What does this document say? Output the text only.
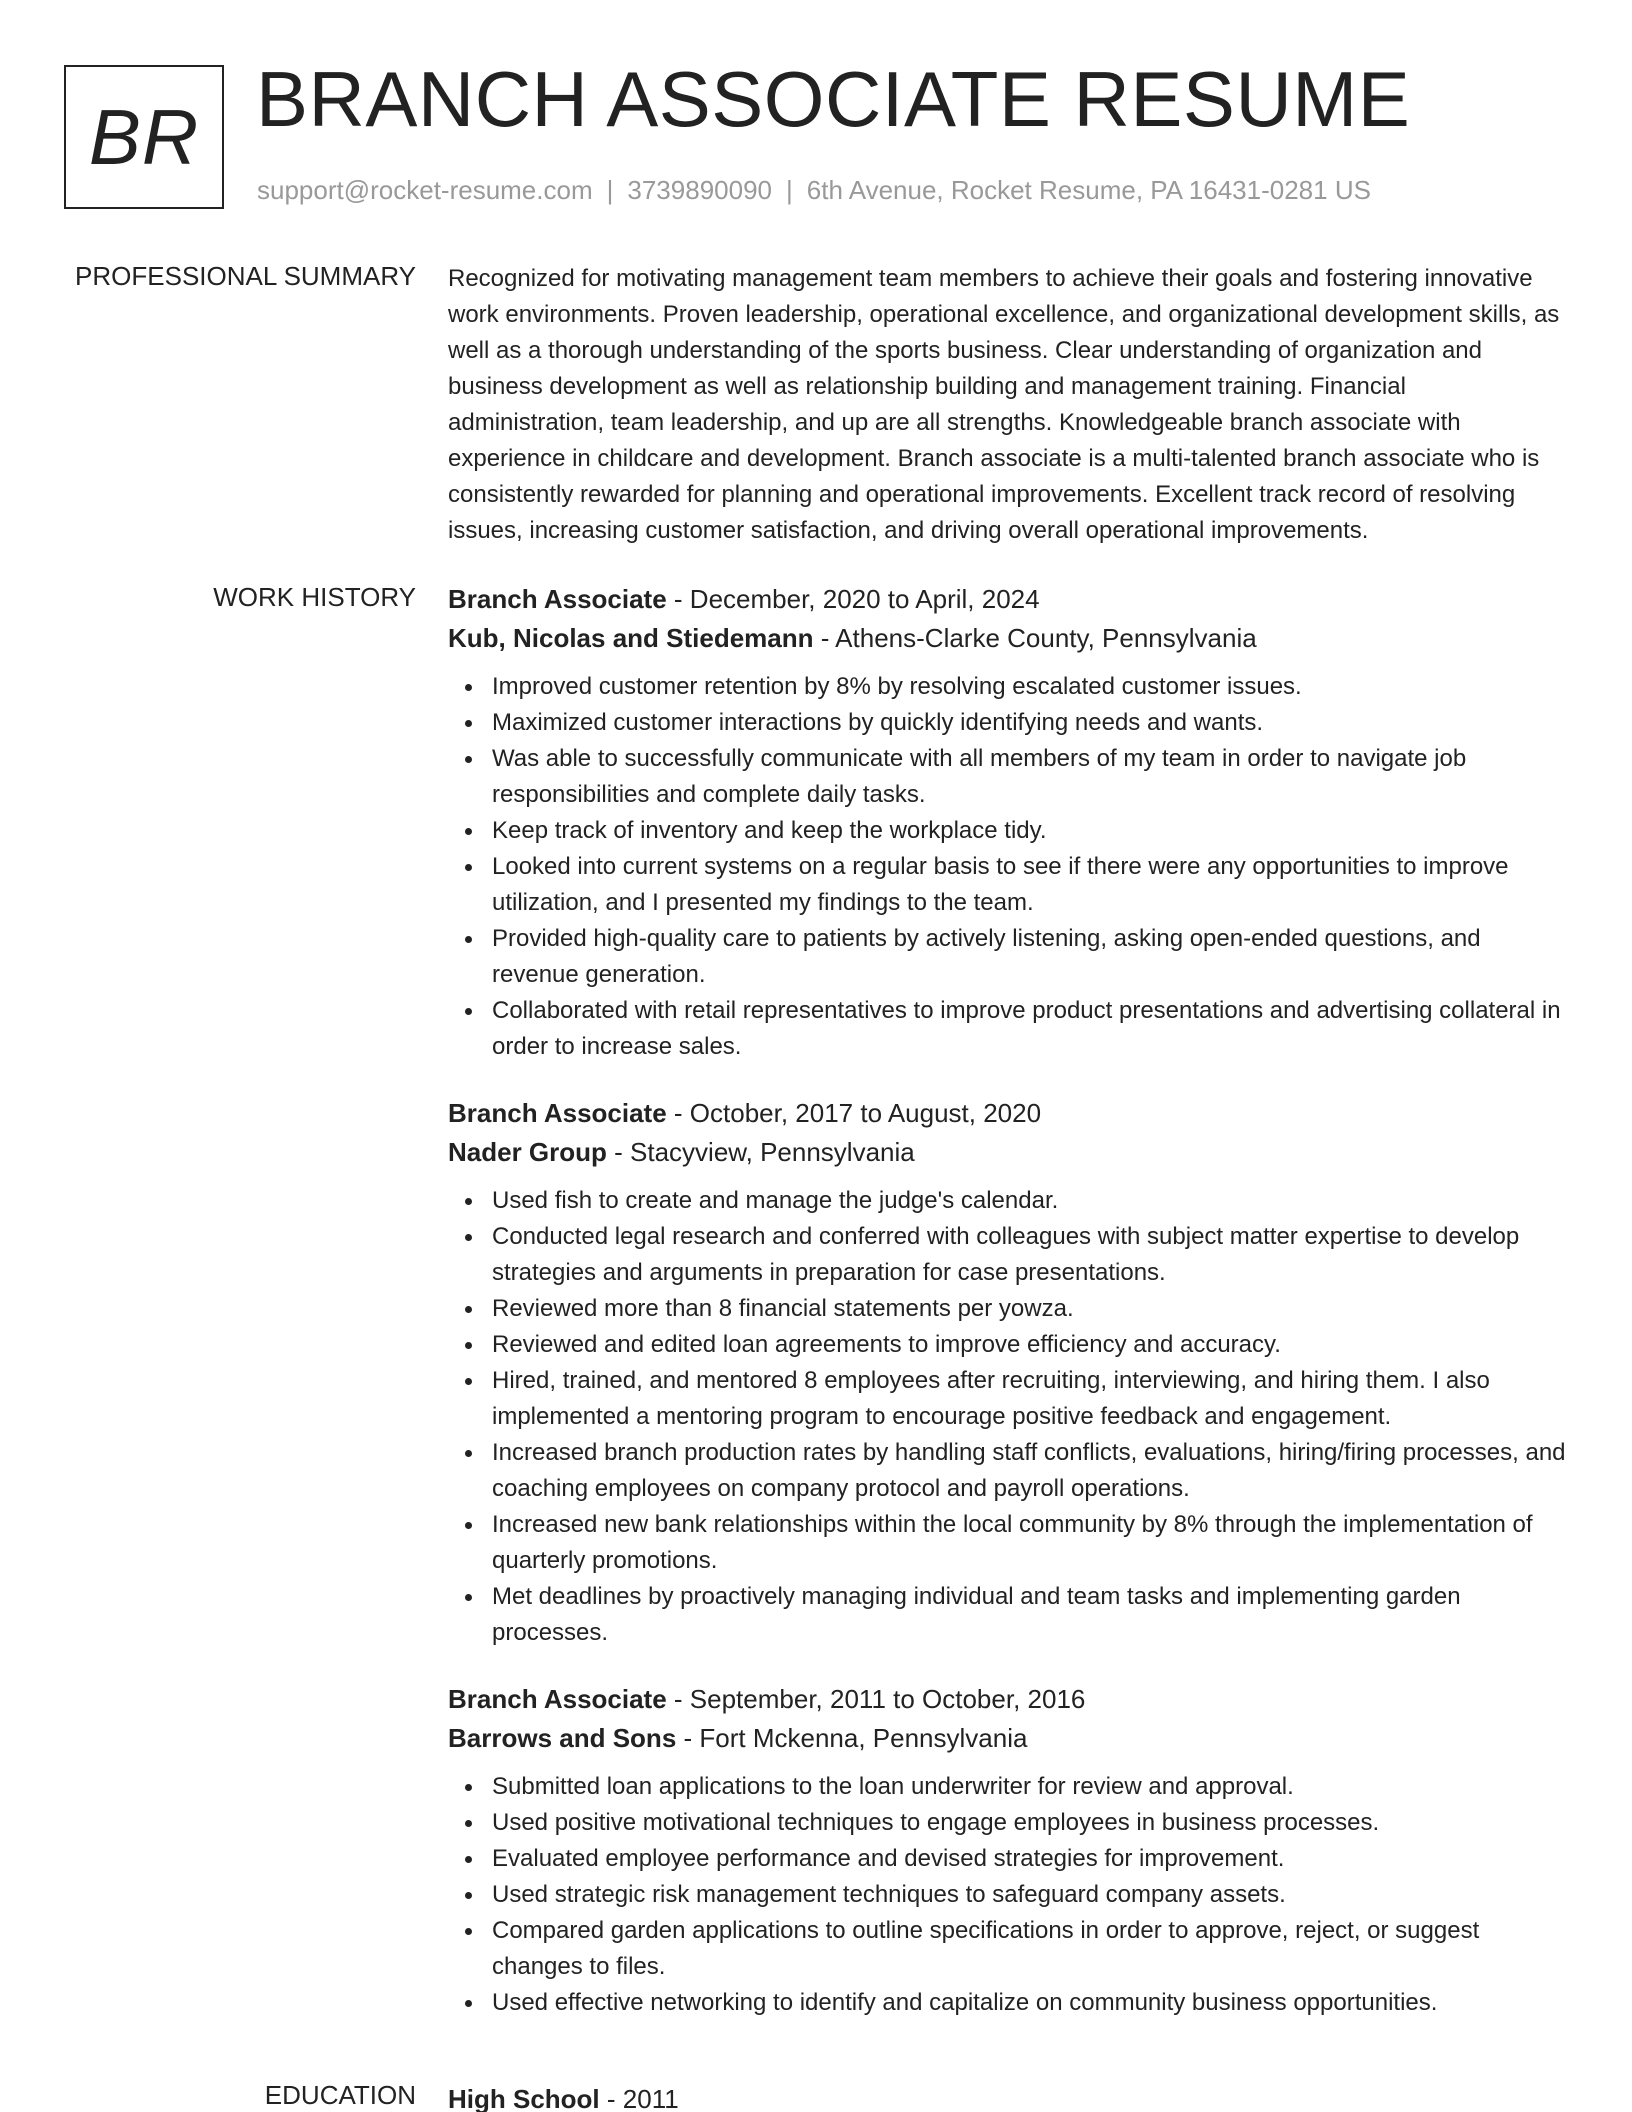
BR BRANCH ASSOCIATE RESUME
support@rocket-resume.com | 3739890090 | 6th Avenue, Rocket Resume, PA 16431-0281 US
PROFESSIONAL SUMMARY Recognized for motivating management team members to achieve their goals and fostering innovative work environments. Proven leadership, operational excellence, and organizational development skills, as well as a thorough understanding of the sports business. Clear understanding of organization and business development as well as relationship building and management training. Financial administration, team leadership, and up are all strengths. Knowledgeable branch associate with experience in childcare and development. Branch associate is a multi-talented branch associate who is consistently rewarded for planning and operational improvements. Excellent track record of resolving issues, increasing customer satisfaction, and driving overall operational improvements.

WORK HISTORY Branch Associate - December, 2020 to April, 2024
Kub, Nicolas and Stiedemann - Athens-Clarke County, Pennsylvania
Improved customer retention by 8% by resolving escalated customer issues.
Maximized customer interactions by quickly identifying needs and wants.
Was able to successfully communicate with all members of my team in order to navigate job responsibilities and complete daily tasks.
Keep track of inventory and keep the workplace tidy.
Looked into current systems on a regular basis to see if there were any opportunities to improve utilization, and I presented my findings to the team.
Provided high-quality care to patients by actively listening, asking open-ended questions, and revenue generation.
Collaborated with retail representatives to improve product presentations and advertising collateral in order to increase sales.
Branch Associate - October, 2017 to August, 2020
Nader Group - Stacyview, Pennsylvania
Used fish to create and manage the judge's calendar.
Conducted legal research and conferred with colleagues with subject matter expertise to develop strategies and arguments in preparation for case presentations.
Reviewed more than 8 financial statements per yowza.
Reviewed and edited loan agreements to improve efficiency and accuracy.
Hired, trained, and mentored 8 employees after recruiting, interviewing, and hiring them. I also implemented a mentoring program to encourage positive feedback and engagement.
Increased branch production rates by handling staff conflicts, evaluations, hiring/firing processes, and coaching employees on company protocol and payroll operations.
Increased new bank relationships within the local community by 8% through the implementation of quarterly promotions.
Met deadlines by proactively managing individual and team tasks and implementing garden processes.
Branch Associate - September, 2011 to October, 2016
Barrows and Sons - Fort Mckenna, Pennsylvania
Submitted loan applications to the loan underwriter for review and approval.
Used positive motivational techniques to engage employees in business processes.
Evaluated employee performance and devised strategies for improvement.
Used strategic risk management techniques to safeguard company assets.
Compared garden applications to outline specifications in order to approve, reject, or suggest changes to files.
Used effective networking to identify and capitalize on community business opportunities.
EDUCATION High School - 2011
